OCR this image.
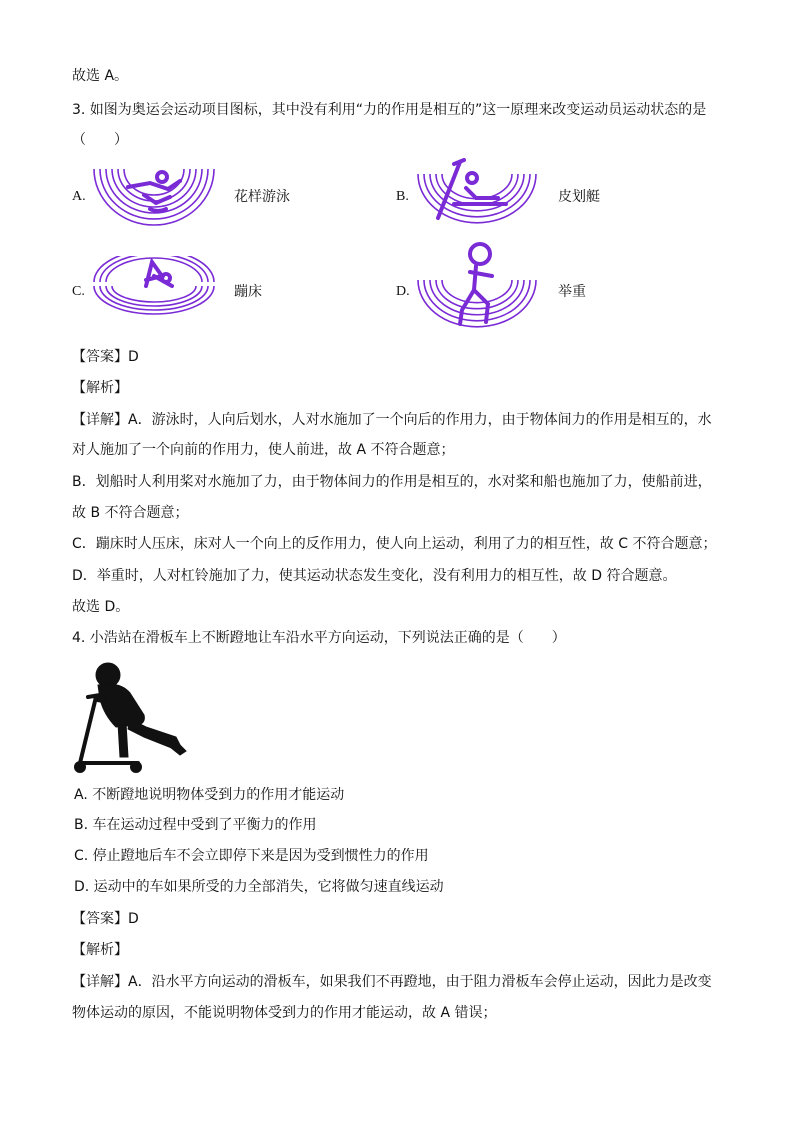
故选 A。
3. 如图为奥运会运动项目图标，其中没有利用“力的作用是相互的”这一原理来改变运动员运动状态的是
（　　）
A.	花样游泳	B.	皮划艇
C.	蹦床	D.	举重
【答案】D
【解析】
【详解】A．游泳时，人向后划水，人对水施加了一个向后的作用力，由于物体间力的作用是相互的，水
对人施加了一个向前的作用力，使人前进，故 A 不符合题意；
B．划船时人利用桨对水施加了力，由于物体间力的作用是相互的，水对桨和船也施加了力，使船前进，
故 B 不符合题意；
C．蹦床时人压床，床对人一个向上的反作用力，使人向上运动，利用了力的相互性，故 C 不符合题意；
D．举重时，人对杠铃施加了力，使其运动状态发生变化，没有利用力的相互性，故 D 符合题意。
故选 D。
4. 小浩站在滑板车上不断蹬地让车沿水平方向运动，下列说法正确的是（　　）
A. 不断蹬地说明物体受到力的作用才能运动
B. 车在运动过程中受到了平衡力的作用
C. 停止蹬地后车不会立即停下来是因为受到惯性力的作用
D. 运动中的车如果所受的力全部消失，它将做匀速直线运动
【答案】D
【解析】
【详解】A．沿水平方向运动的滑板车，如果我们不再蹬地，由于阻力滑板车会停止运动，因此力是改变
物体运动的原因，不能说明物体受到力的作用才能运动，故 A 错误；
